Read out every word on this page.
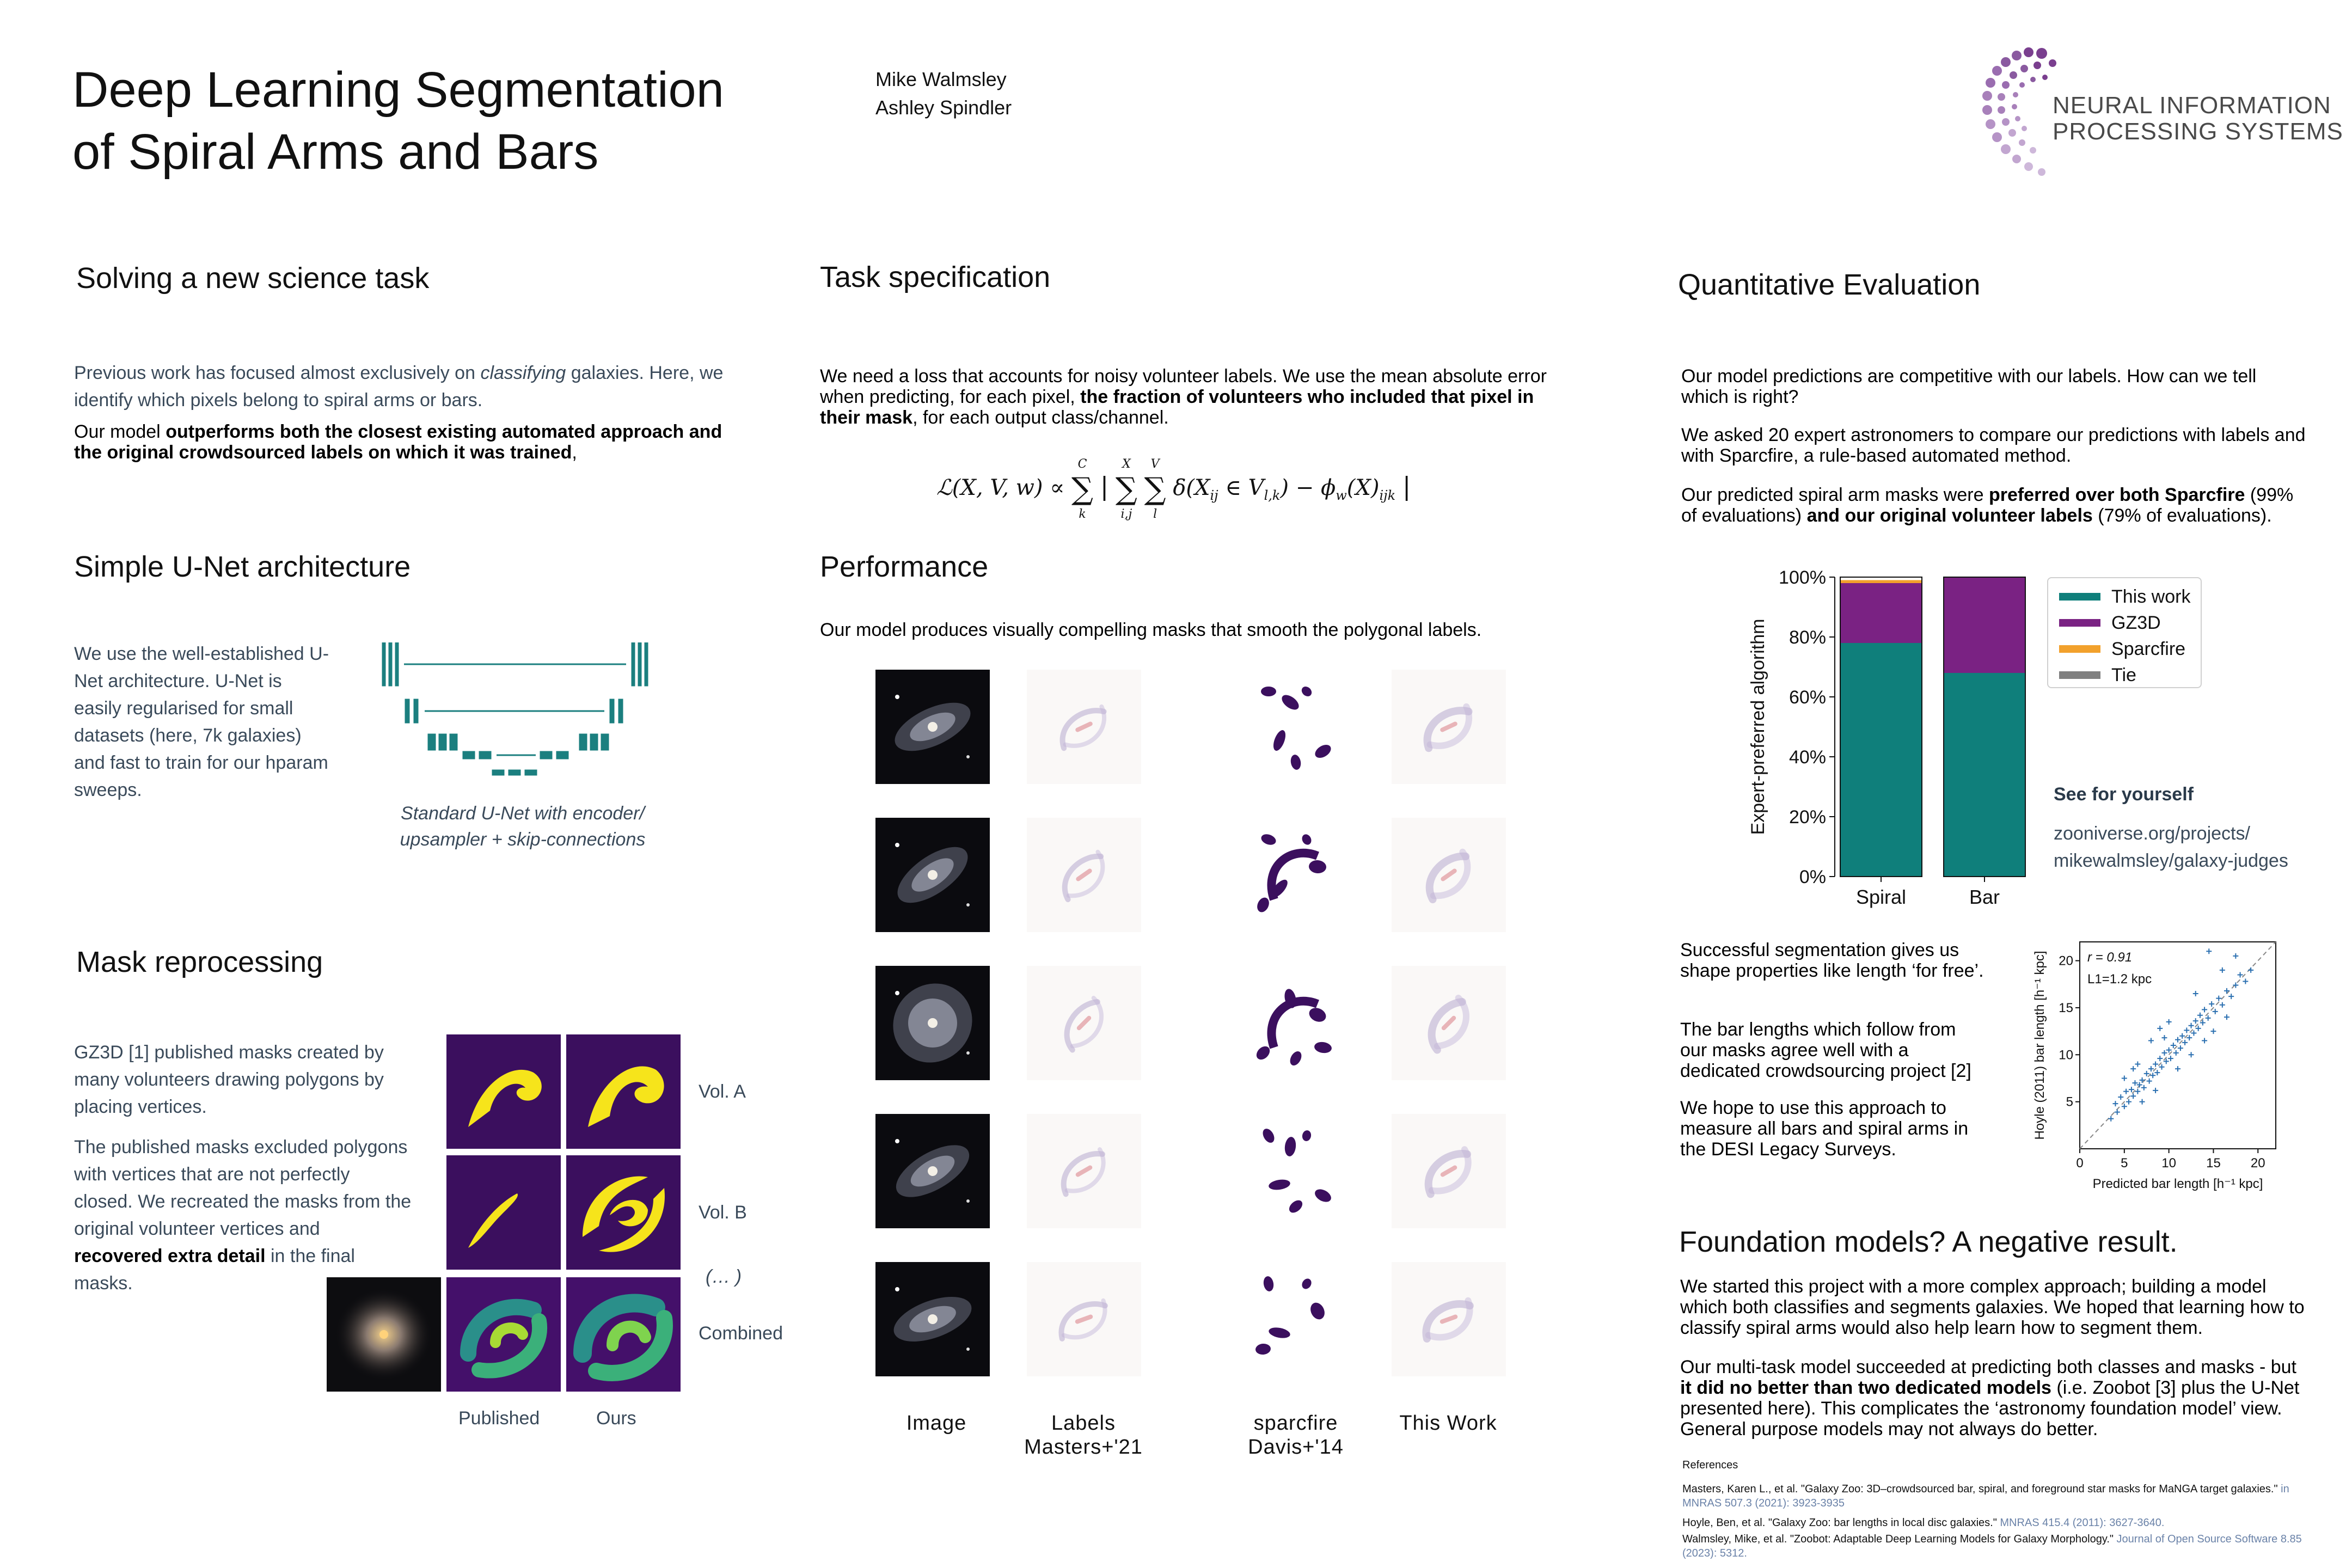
Deep Learning Segmentation
of Spiral Arms and Bars
Mike Walmsley
Ashley Spindler	NEURAL INFORMATION
PROCESSING SYSTEMS
Solving a new science task
Previous work has focused almost exclusively on classifying galaxies. Here, we identify which pixels belong to spiral arms or bars.
Our model outperforms both the closest existing automated approach and the original crowdsourced labels on which it was trained,
Simple U-Net architecture
We use the well-established U-Net architecture. U-Net is easily regularised for small datasets (here, 7k galaxies) and fast to train for our hparam sweeps.
Standard U-Net with encoder/
upsampler + skip-connections
Mask reprocessing
GZ3D [1] published masks created by many volunteers drawing polygons by placing vertices.
The published masks excluded polygons with vertices that are not perfectly closed. We recreated the masks from the original volunteer vertices and recovered extra detail in the final masks.
Vol. A
Vol. B
(… )
Combined
Published	Ours
Task specification
We need a loss that accounts for noisy volunteer labels. We use the mean absolute error when predicting, for each pixel, the fraction of volunteers who included that pixel in their mask, for each output class/channel.
ℒ(X, V, w) ∝
C
∑
k
|
X
∑
i,j

V
∑
l
$\delta(X_{ij}$ ∈ $V_{l,k}) - \phi_w(X)_{ijk}$ |
Performance
Our model produces visually compelling masks that smooth the polygonal labels.
Image	Labels
Masters+'21
sparcfire
Davis+'14
This Work
Quantitative Evaluation
Our model predictions are competitive with our labels. How can we tell which is right?
We asked 20 expert astronomers to compare our predictions with labels and with Sparcfire, a rule-based automated method.
Our predicted spiral arm masks were preferred over both Sparcfire (99% of evaluations) and our original volunteer labels (79% of evaluations).
Expert-preferred algorithm
0%
20%
40%
60%
80%
100%
Spiral	Bar
This work
GZ3D
Sparcfire
Tie
See for yourself
zooniverse.org/projects/
mikewalmsley/galaxy-judges
Successful segmentation gives us shape properties like length ‘for free’.
The bar lengths which follow from our masks agree well with a dedicated crowdsourcing project [2]
We hope to use this approach to measure all bars and spiral arms in the DESI Legacy Surveys.
0	5	10 15 20
5
10
15
20
Predicted bar length [h⁻¹ kpc]
Hoyle (2011) bar length [h⁻¹ kpc]	r = 0.91
L1=1.2 kpc
Foundation models? A negative result.
We started this project with a more complex approach; building a model which both classifies and segments galaxies. We hoped that learning how to classify spiral arms would also help learn how to segment them.
Our multi-task model succeeded at predicting both classes and masks - but it did no better than two dedicated models (i.e. Zoobot [3] plus the U-Net presented here). This complicates the ‘astronomy foundation model’ view. General purpose models may not always do better.
References
Masters, Karen L., et al. "Galaxy Zoo: 3D–crowdsourced bar, spiral, and foreground star masks for MaNGA target galaxies." in MNRAS 507.3 (2021): 3923-3935
Hoyle, Ben, et al. "Galaxy Zoo: bar lengths in local disc galaxies." MNRAS 415.4 (2011): 3627-3640.
Walmsley, Mike, et al. "Zoobot: Adaptable Deep Learning Models for Galaxy Morphology." Journal of Open Source Software 8.85 (2023): 5312.
